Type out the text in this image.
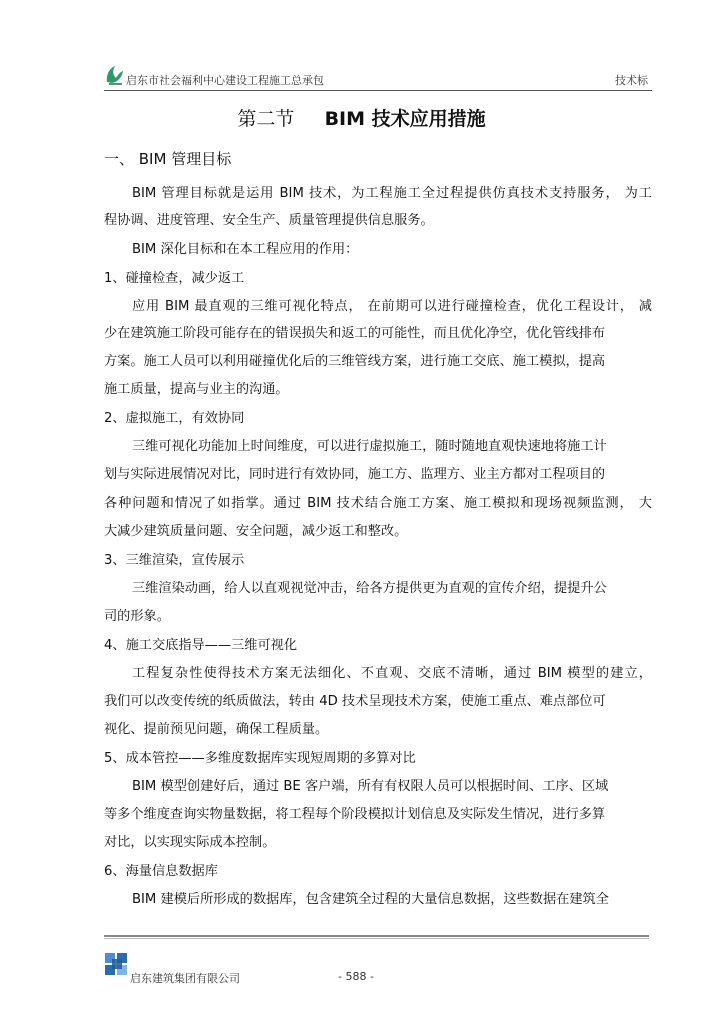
启东市社会福利中心建设工程施工总承包	技术标
第二节 BIM 技术应用措施
一、 BIM 管理目标
BIM 管理目标就是运用 BIM 技术，为工程施工全过程提供仿真技术支持服务， 为工
程协调、进度管理、安全生产、质量管理提供信息服务。
BIM 深化目标和在本工程应用的作用：
1、碰撞检查，减少返工
应用 BIM 最直观的三维可视化特点， 在前期可以进行碰撞检查，优化工程设计， 减
少在建筑施工阶段可能存在的错误损失和返工的可能性，而且优化净空，优化管线排布
方案。施工人员可以利用碰撞优化后的三维管线方案，进行施工交底、施工模拟，提高
施工质量，提高与业主的沟通。
2、虚拟施工，有效协同
三维可视化功能加上时间维度，可以进行虚拟施工，随时随地直观快速地将施工计
划与实际进展情况对比，同时进行有效协同，施工方、监理方、业主方都对工程项目的
各种问题和情况了如指掌。通过 BIM 技术结合施工方案、施工模拟和现场视频监测， 大
大减少建筑质量问题、安全问题，减少返工和整改。
3、三维渲染，宣传展示
三维渲染动画，给人以直观视觉冲击，给各方提供更为直观的宣传介绍，提提升公
司的形象。
4、施工交底指导——三维可视化
工程复杂性使得技术方案无法细化、不直观、交底不清晰，通过 BIM 模型的建立，
我们可以改变传统的纸质做法，转由 4D 技术呈现技术方案，使施工重点、难点部位可
视化、提前预见问题，确保工程质量。
5、成本管控——多维度数据库实现短周期的多算对比
BIM 模型创建好后，通过 BE 客户端，所有有权限人员可以根据时间、工序、区域
等多个维度查询实物量数据，将工程每个阶段模拟计划信息及实际发生情况，进行多算
对比，以实现实际成本控制。
6、海量信息数据库
BIM 建模后所形成的数据库，包含建筑全过程的大量信息数据，这些数据在建筑全
启东建筑集团有限公司	- 588 -
